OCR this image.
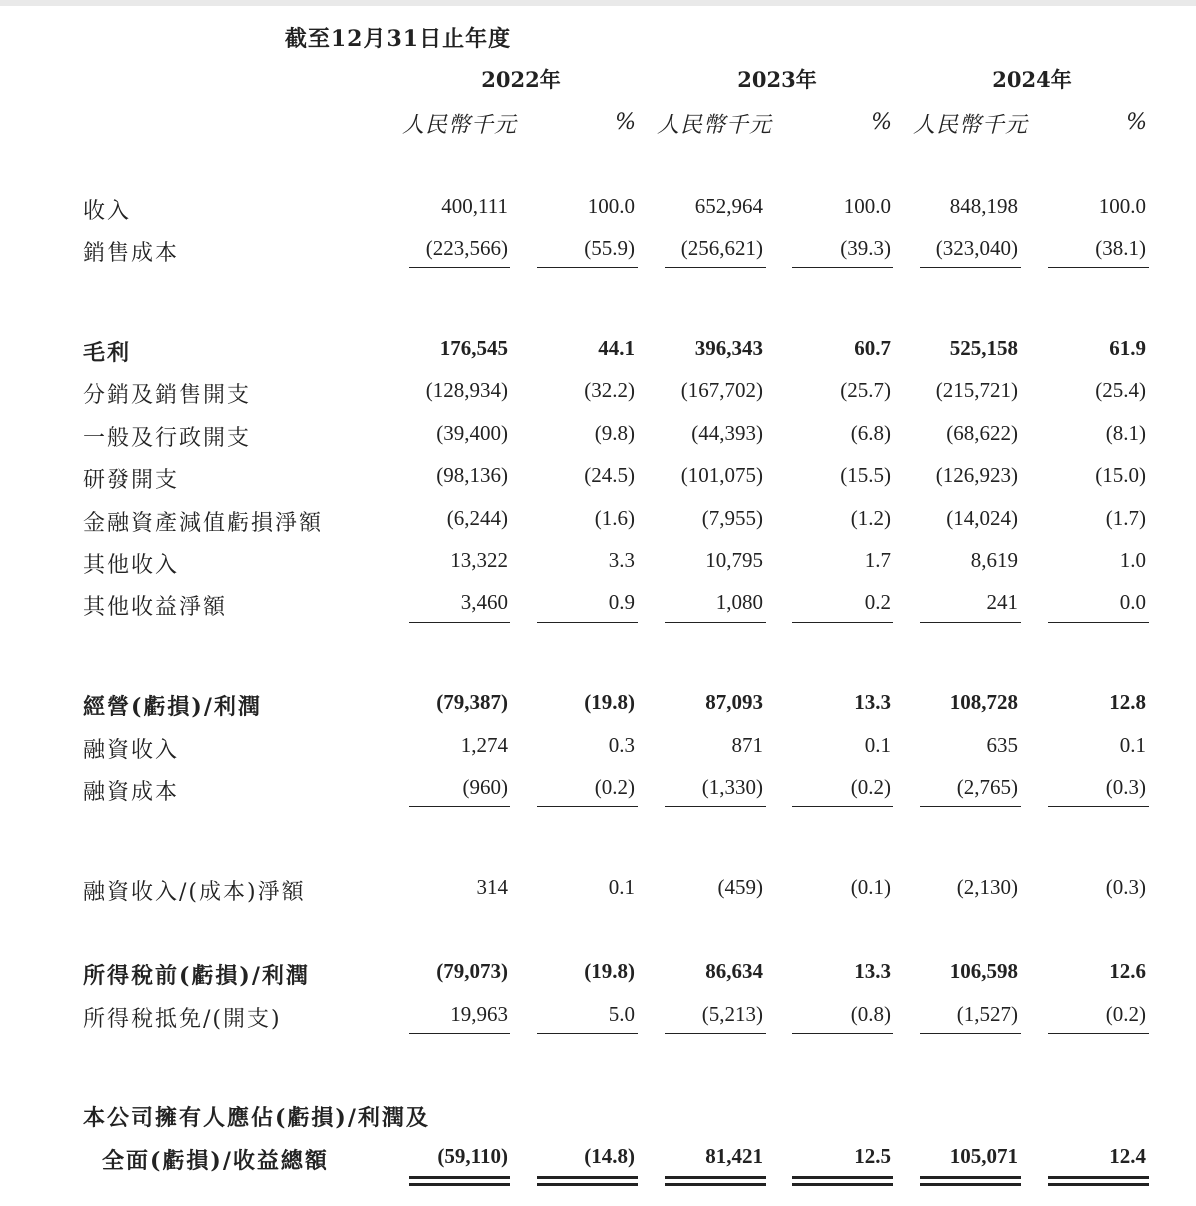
截至12月31日止年度
2022年	2023年	2024年
人民幣千元	% 人民幣千元	% 人民幣千元	%
收入	400,111	100.0	652,964	100.0	848,198	100.0
銷售成本	(223,566)	(55.9) (256,621)	(39.3) (323,040)	(38.1)
毛利	176,545	44.1	396,343	60.7	525,158	61.9
分銷及銷售開支	(128,934)	(32.2) (167,702)	(25.7) (215,721)	(25.4)
一般及行政開支	(39,400)	(9.8)	(44,393)	(6.8)	(68,622)	(8.1)
研發開支	(98,136)	(24.5) (101,075)	(15.5) (126,923)	(15.0)
金融資產減值虧損淨額	(6,244)	(1.6)	(7,955)	(1.2)	(14,024)	(1.7)
其他收入	13,322	3.3	10,795	1.7	8,619	1.0
其他收益淨額	3,460	0.9	1,080	0.2	241	0.0
經營(虧損)/利潤	(79,387)	(19.8)	87,093	13.3	108,728	12.8
融資收入	1,274	0.3	871	0.1	635	0.1
融資成本	(960)	(0.2)	(1,330)	(0.2)	(2,765)	(0.3)
融資收入/(成本)淨額	314	0.1	(459)	(0.1)	(2,130)	(0.3)
所得稅前(虧損)/利潤	(79,073)	(19.8)	86,634	13.3	106,598	12.6
所得稅抵免/(開支)	19,963	5.0	(5,213)	(0.8)	(1,527)	(0.2)
本公司擁有人應佔(虧損)/利潤及
全面(虧損)/收益總額	(59,110)	(14.8)	81,421	12.5	105,071	12.4
